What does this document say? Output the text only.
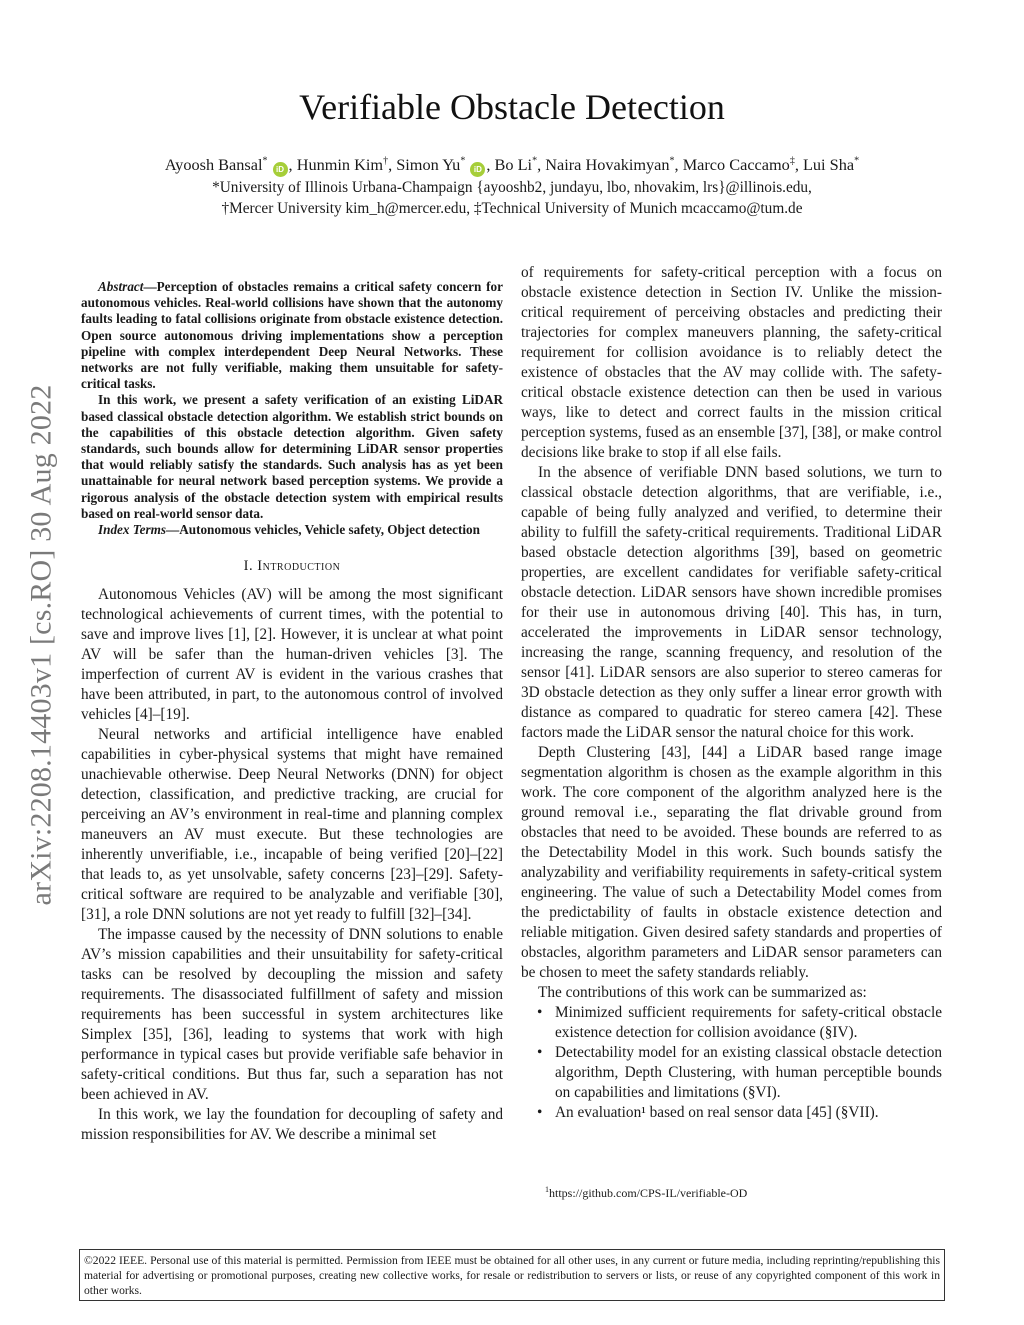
arXiv:2208.14403v1 [cs.RO] 30 Aug 2022
Verifiable Obstacle Detection
Ayoosh Bansal* iD , Hunmin Kim†, Simon Yu* iD , Bo Li*, Naira Hovakimyan*, Marco Caccamo‡, Lui Sha*
*University of Illinois Urbana-Champaign {ayooshb2, jundayu, lbo, nhovakim, lrs}@illinois.edu,
†Mercer University kim_h@mercer.edu, ‡Technical University of Munich mcaccamo@tum.de

Abstract—Perception of obstacles remains a critical safety concern for autonomous vehicles. Real-world collisions have shown that the autonomy faults leading to fatal collisions originate from obstacle existence detection. Open source autonomous driving implementations show a perception pipeline with complex interdependent Deep Neural Networks. These networks are not fully verifiable, making them unsuitable for safety-critical tasks.

In this work, we present a safety verification of an existing LiDAR based classical obstacle detection algorithm. We establish strict bounds on the capabilities of this obstacle detection algorithm. Given safety standards, such bounds allow for determining LiDAR sensor properties that would reliably satisfy the standards. Such analysis has as yet been unattainable for neural network based perception systems. We provide a rigorous analysis of the obstacle detection system with empirical results based on real-world sensor data.

Index Terms—Autonomous vehicles, Vehicle safety, Object detection

I. Introduction

Autonomous Vehicles (AV) will be among the most significant technological achievements of current times, with the potential to save and improve lives [1], [2]. However, it is unclear at what point AV will be safer than the human-driven vehicles [3]. The imperfection of current AV is evident in the various crashes that have been attributed, in part, to the autonomous control of involved vehicles [4]–[19].

Neural networks and artificial intelligence have enabled capabilities in cyber-physical systems that might have remained unachievable otherwise. Deep Neural Networks (DNN) for object detection, classification, and predictive tracking, are crucial for perceiving an AV’s environment in real-time and planning complex maneuvers an AV must execute. But these technologies are inherently unverifiable, i.e., incapable of being verified [20]–[22] that leads to, as yet unsolvable, safety concerns [23]–[29]. Safety-critical software are required to be analyzable and verifiable [30], [31], a role DNN solutions are not yet ready to fulfill [32]–[34].

The impasse caused by the necessity of DNN solutions to enable AV’s mission capabilities and their unsuitability for safety-critical tasks can be resolved by decoupling the mission and safety requirements. The disassociated fulfillment of safety and mission requirements has been successful in system architectures like Simplex [35], [36], leading to systems that work with high performance in typical cases but provide verifiable safe behavior in safety-critical conditions. But thus far, such a separation has not been achieved in AV.

In this work, we lay the foundation for decoupling of safety and mission responsibilities for AV. We describe a minimal set

of requirements for safety-critical perception with a focus on obstacle existence detection in Section IV. Unlike the mission-critical requirement of perceiving obstacles and predicting their trajectories for complex maneuvers planning, the safety-critical requirement for collision avoidance is to reliably detect the existence of obstacles that the AV may collide with. The safety-critical obstacle existence detection can then be used in various ways, like to detect and correct faults in the mission critical perception systems, fused as an ensemble [37], [38], or make control decisions like brake to stop if all else fails.

In the absence of verifiable DNN based solutions, we turn to classical obstacle detection algorithms, that are verifiable, i.e., capable of being fully analyzed and verified, to determine their ability to fulfill the safety-critical requirements. Traditional LiDAR based obstacle detection algorithms [39], based on geometric properties, are excellent candidates for verifiable safety-critical obstacle detection. LiDAR sensors have shown incredible promises for their use in autonomous driving [40]. This has, in turn, accelerated the improvements in LiDAR sensor technology, increasing the range, scanning frequency, and resolution of the sensor [41]. LiDAR sensors are also superior to stereo cameras for 3D obstacle detection as they only suffer a linear error growth with distance as compared to quadratic for stereo camera [42]. These factors made the LiDAR sensor the natural choice for this work.

Depth Clustering [43], [44] a LiDAR based range image segmentation algorithm is chosen as the example algorithm in this work. The core component of the algorithm analyzed here is the ground removal i.e., separating the flat drivable ground from obstacles that need to be avoided. These bounds are referred to as the Detectability Model in this work. Such bounds satisfy the analyzability and verifiability requirements in safety-critical system engineering. The value of such a Detectability Model comes from the predictability of faults in obstacle existence detection and reliable mitigation. Given desired safety standards and properties of obstacles, algorithm parameters and LiDAR sensor parameters can be chosen to meet the safety standards reliably.

The contributions of this work can be summarized as:

• Minimized sufficient requirements for safety-critical obstacle existence detection for collision avoidance (§IV).
• Detectability model for an existing classical obstacle detection algorithm, Depth Clustering, with human perceptible bounds on capabilities and limitations (§VI).
• An evaluation¹ based on real sensor data [45] (§VII).
$^1$https://github.com/CPS-IL/verifiable-OD
©2022 IEEE. Personal use of this material is permitted. Permission from IEEE must be obtained for all other uses, in any current or future media, including reprinting/republishing this material for advertising or promotional purposes, creating new collective works, for resale or redistribution to servers or lists, or reuse of any copyrighted component of this work in other works.
